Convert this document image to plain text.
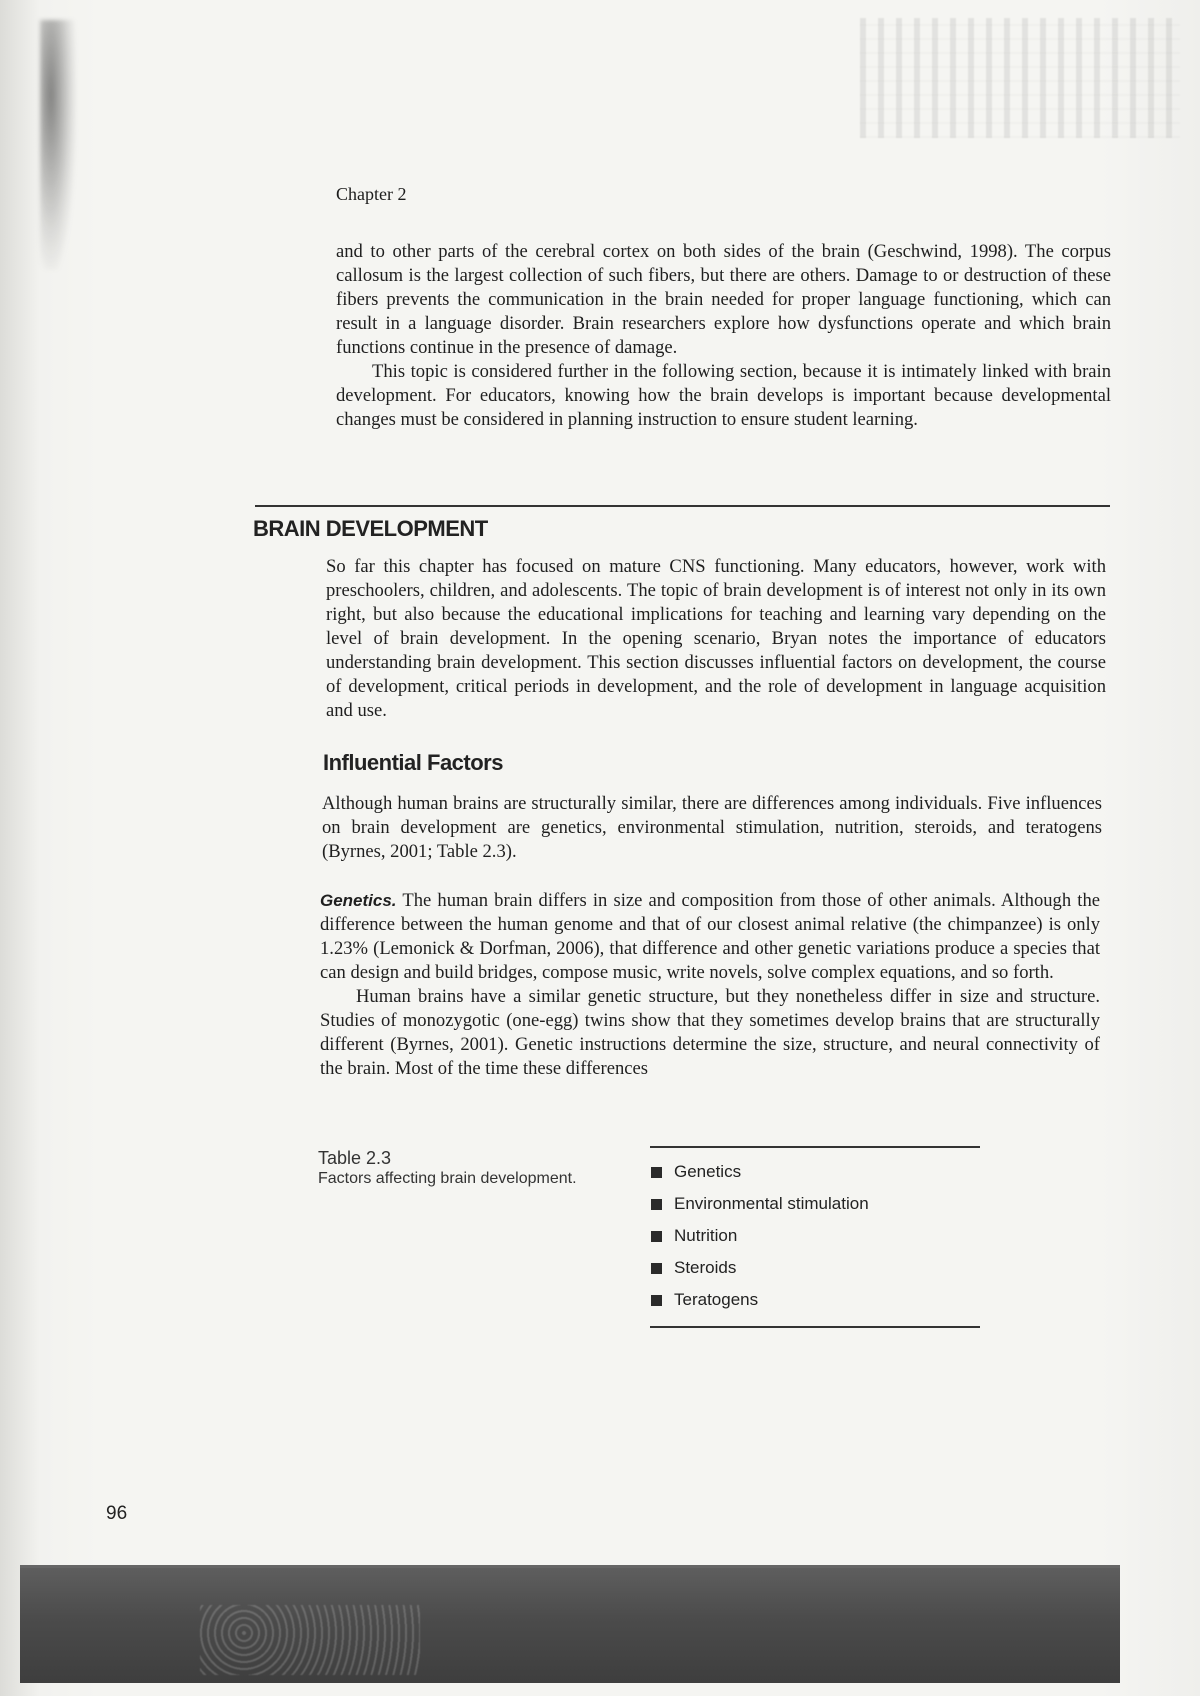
Chapter 2

and to other parts of the cerebral cortex on both sides of the brain (Geschwind, 1998). The corpus callosum is the largest collection of such fibers, but there are others. Damage to or destruction of these fibers prevents the communication in the brain needed for proper language functioning, which can result in a language disorder. Brain researchers explore how dysfunctions operate and which brain functions continue in the presence of damage.

This topic is considered further in the following section, because it is intimately linked with brain development. For educators, knowing how the brain develops is important because developmental changes must be considered in planning instruction to ensure student learning.

BRAIN DEVELOPMENT

So far this chapter has focused on mature CNS functioning. Many educators, however, work with preschoolers, children, and adolescents. The topic of brain development is of interest not only in its own right, but also because the educational implications for teaching and learning vary depending on the level of brain development. In the opening scenario, Bryan notes the importance of educators understanding brain development. This section discusses influential factors on development, the course of development, critical periods in development, and the role of development in language acquisition and use.

Influential Factors

Although human brains are structurally similar, there are differences among individuals. Five influences on brain development are genetics, environmental stimulation, nutrition, steroids, and teratogens (Byrnes, 2001; Table 2.3).

Genetics. The human brain differs in size and composition from those of other animals. Although the difference between the human genome and that of our closest animal relative (the chimpanzee) is only 1.23% (Lemonick & Dorfman, 2006), that difference and other genetic variations produce a species that can design and build bridges, compose music, write novels, solve complex equations, and so forth.

Human brains have a similar genetic structure, but they nonetheless differ in size and structure. Studies of monozygotic (one-egg) twins show that they sometimes develop brains that are structurally different (Byrnes, 2001). Genetic instructions determine the size, structure, and neural connectivity of the brain. Most of the time these differences

Table 2.3
Factors affecting brain development.	Genetics
Environmental stimulation
Nutrition
Steroids
Teratogens
96
